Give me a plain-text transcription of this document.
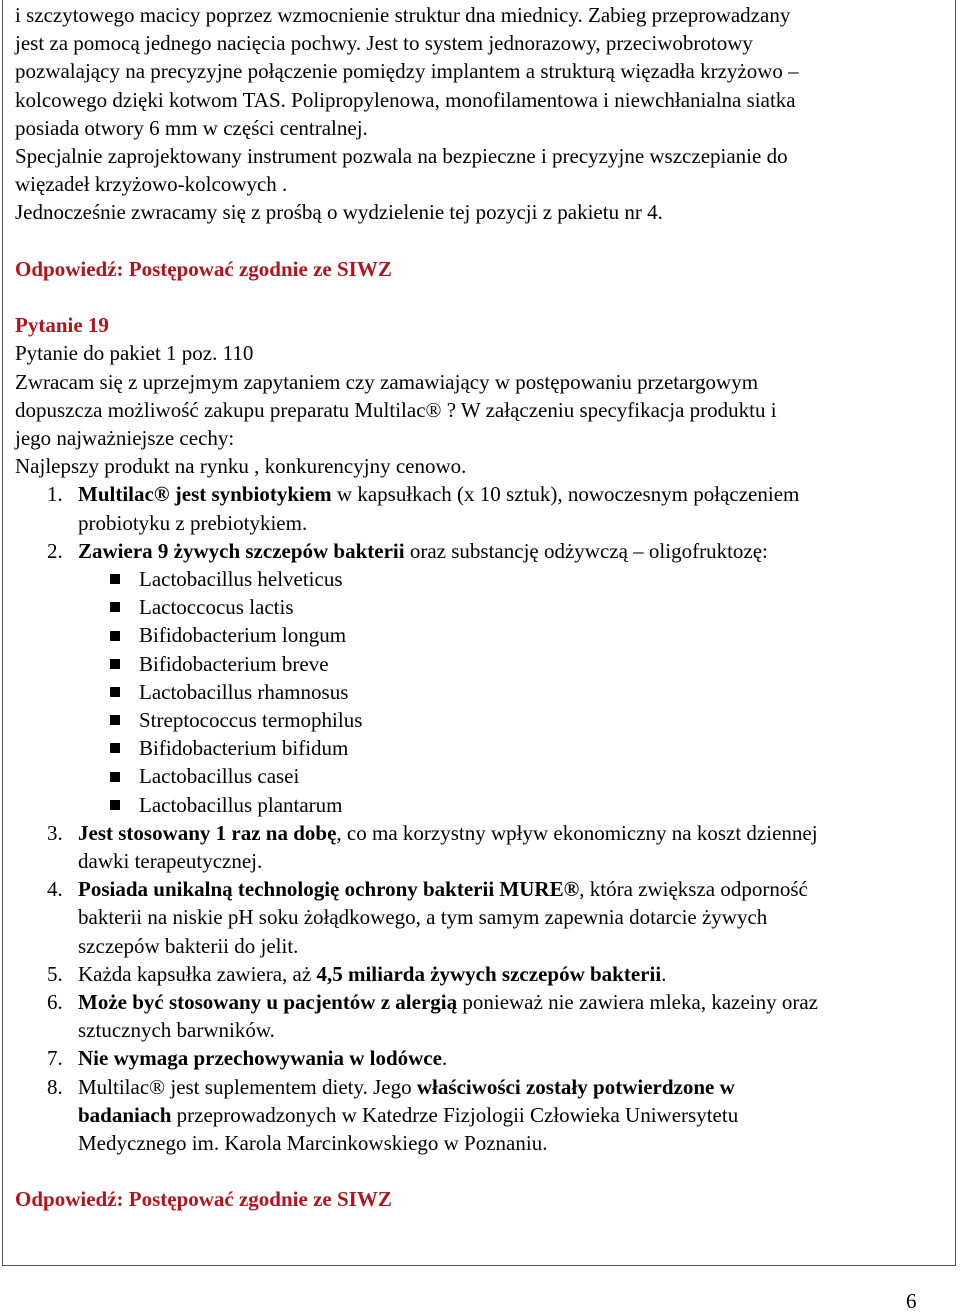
i szczytowego macicy poprzez wzmocnienie struktur dna miednicy. Zabieg przeprowadzany

jest za pomocą jednego nacięcia pochwy. Jest to system jednorazowy, przeciwobrotowy

pozwalający na precyzyjne połączenie pomiędzy implantem a strukturą więzadła krzyżowo –

kolcowego dzięki kotwom TAS. Polipropylenowa, monofilamentowa i niewchłanialna siatka

posiada otwory 6 mm w części centralnej.

Specjalnie zaprojektowany instrument pozwala na bezpieczne i precyzyjne wszczepianie do

więzadeł krzyżowo-kolcowych .

Jednocześnie zwracamy się z prośbą o wydzielenie tej pozycji z pakietu nr 4.

Odpowiedź: Postępować zgodnie ze SIWZ

Pytanie 19

Pytanie do pakiet 1 poz. 110

Zwracam się z uprzejmym zapytaniem czy zamawiający w postępowaniu przetargowym

dopuszcza możliwość zakupu preparatu Multilac® ? W załączeniu specyfikacja produktu i

jego najważniejsze cechy:

Najlepszy produkt na rynku , konkurencyjny cenowo.

1. Multilac® jest synbiotykiem w kapsułkach (x 10 sztuk), nowoczesnym połączeniem
probiotyku z prebiotykiem.
2. Zawiera 9 żywych szczepów bakterii oraz substancję odżywczą – oligofruktozę:
Lactobacillus helveticus
Lactoccocus lactis
Bifidobacterium longum
Bifidobacterium breve
Lactobacillus rhamnosus
Streptococcus termophilus
Bifidobacterium bifidum
Lactobacillus casei
Lactobacillus plantarum
3. Jest stosowany 1 raz na dobę, co ma korzystny wpływ ekonomiczny na koszt dziennej
dawki terapeutycznej.
4. Posiada unikalną technologię ochrony bakterii MURE®, która zwiększa odporność
bakterii na niskie pH soku żołądkowego, a tym samym zapewnia dotarcie żywych
szczepów bakterii do jelit.
5. Każda kapsułka zawiera, aż 4,5 miliarda żywych szczepów bakterii.
6. Może być stosowany u pacjentów z alergią ponieważ nie zawiera mleka, kazeiny oraz
sztucznych barwników.
7. Nie wymaga przechowywania w lodówce.
8. Multilac® jest suplementem diety. Jego właściwości zostały potwierdzone w
badaniach przeprowadzonych w Katedrze Fizjologii Człowieka Uniwersytetu
Medycznego im. Karola Marcinkowskiego w Poznaniu.

Odpowiedź: Postępować zgodnie ze SIWZ

6
